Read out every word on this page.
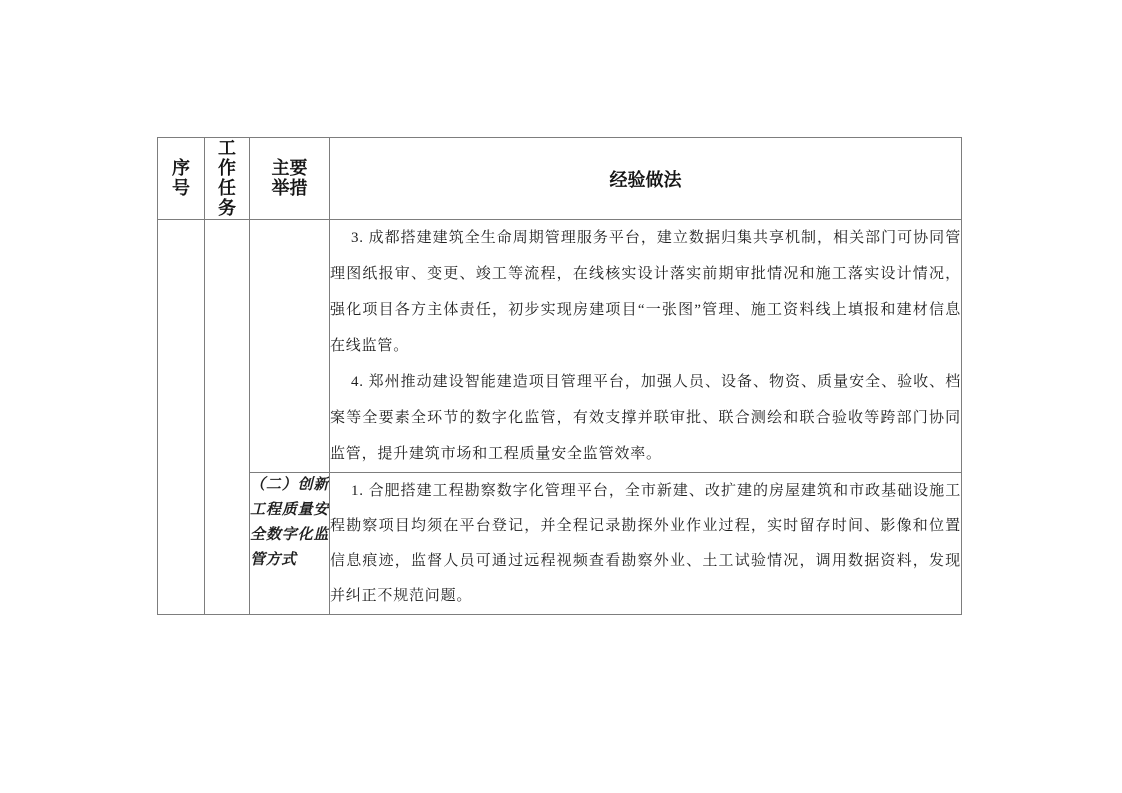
序号	工作任务	主要举措	经验做法

			3. 成都搭建建筑全生命周期管理服务平台，建立数据归集共享机制，相关部门可协同管理图纸报审、变更、竣工等流程，在线核实设计落实前期审批情况和施工落实设计情况，强化项目各方主体责任，初步实现房建项目“一张图”管理、施工资料线上填报和建材信息在线监管。

4. 郑州推动建设智能建造项目管理平台，加强人员、设备、物资、质量安全、验收、档案等全要素全环节的数字化监管，有效支撑并联审批、联合测绘和联合验收等跨部门协同监管，提升建筑市场和工程质量安全监管效率。

		（二）创新工程质量安全数字化监管方式	1. 合肥搭建工程勘察数字化管理平台，全市新建、改扩建的房屋建筑和市政基础设施工程勘察项目均须在平台登记，并全程记录勘探外业作业过程，实时留存时间、影像和位置信息痕迹，监督人员可通过远程视频查看勘察外业、土工试验情况，调用数据资料，发现并纠正不规范问题。
